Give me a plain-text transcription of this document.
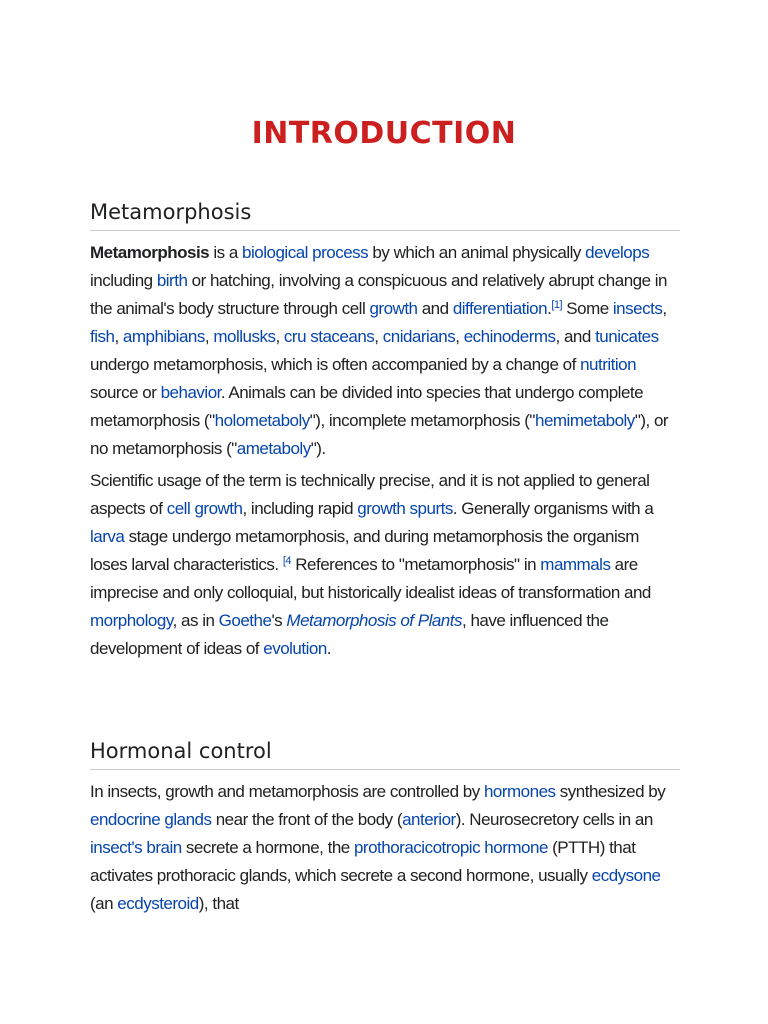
INTRODUCTION
Metamorphosis

Metamorphosis is a biological process by which an animal physically develops including birth or hatching, involving a conspicuous and relatively abrupt change in the animal's body structure through cell growth and differentiation.[1] Some insects, fish, amphibians, mollusks, cru staceans, cnidarians, echinoderms, and tunicates undergo metamorphosis, which is often accompanied by a change of nutrition source or behavior. Animals can be divided into species that undergo complete metamorphosis ("holometaboly"), incomplete metamorphosis ("hemimetaboly"), or no metamorphosis ("ametaboly").

Scientific usage of the term is technically precise, and it is not applied to general aspects of cell growth, including rapid growth spurts. Generally organisms with a larva stage undergo metamorphosis, and during metamorphosis the organism loses larval characteristics. $^{[4}$ References to "metamorphosis" in mammals are imprecise and only colloquial, but historically idealist ideas of transformation and morphology, as in Goethe's Metamorphosis of Plants, have influenced the development of ideas of evolution.

Hormonal control

In insects, growth and metamorphosis are controlled by hormones synthesized by endocrine glands near the front of the body (anterior). Neurosecretory cells in an insect's brain secrete a hormone, the prothoracicotropic hormone (PTTH) that activates prothoracic glands, which secrete a second hormone, usually ecdysone (an ecdysteroid), that
